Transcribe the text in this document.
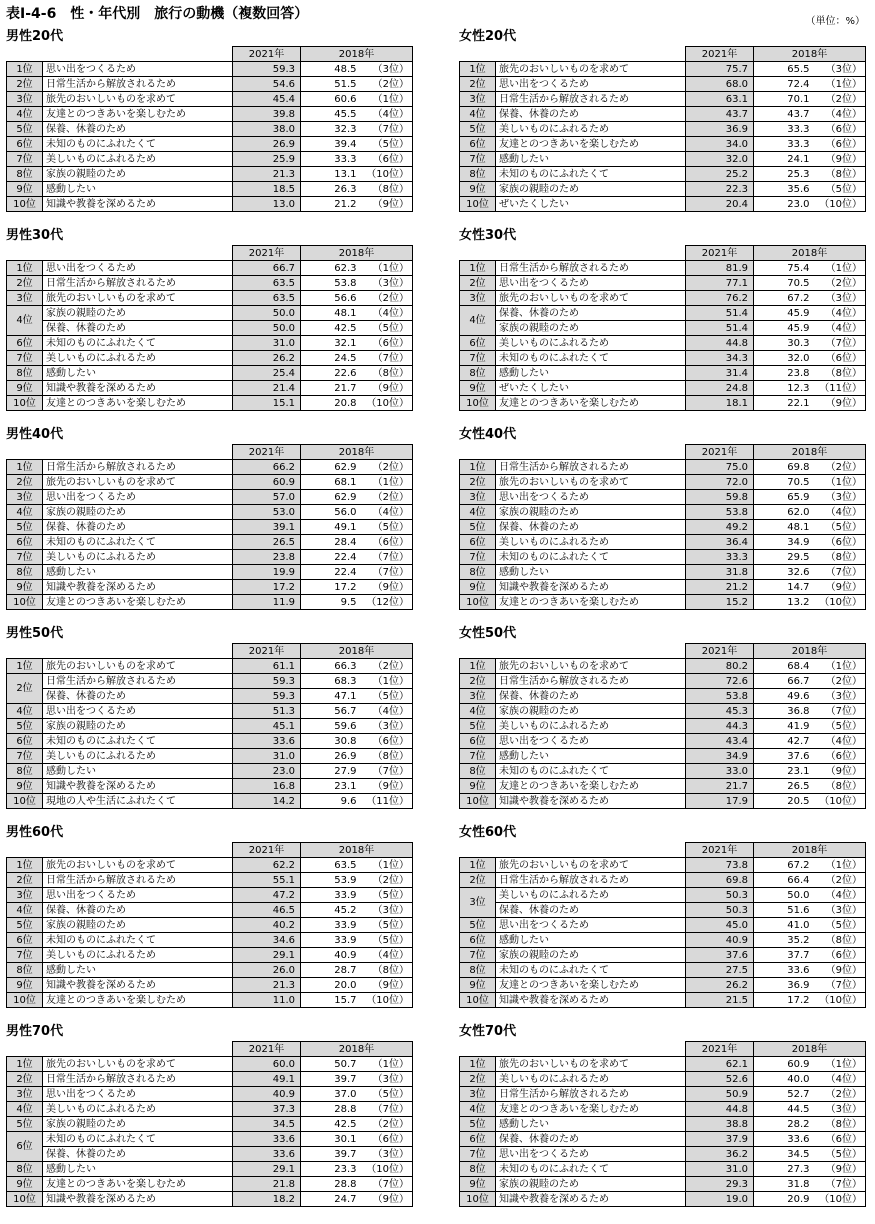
表Ⅰ-4-6　性・年代別　旅行の動機（複数回答）	（単位：%）
男性20代
		2021年	2018年	
1位	思い出をつくるため	59.3	48.5	（3位）
2位	日常生活から解放されるため	54.6	51.5	（2位）
3位	旅先のおいしいものを求めて	45.4	60.6	（1位）
4位	友達とのつきあいを楽しむため	39.8	45.5	（4位）
5位	保養、休養のため	38.0	32.3	（7位）
6位	未知のものにふれたくて	26.9	39.4	（5位）
7位	美しいものにふれるため	25.9	33.3	（6位）
8位	家族の親睦のため	21.3	13.1	（10位）
9位	感動したい	18.5	26.3	（8位）
10位	知識や教養を深めるため	13.0	21.2	（9位）
女性20代
		2021年	2018年	
1位	旅先のおいしいものを求めて	75.7	65.5	（3位）
2位	思い出をつくるため	68.0	72.4	（1位）
3位	日常生活から解放されるため	63.1	70.1	（2位）
4位	保養、休養のため	43.7	43.7	（4位）
5位	美しいものにふれるため	36.9	33.3	（6位）
6位	友達とのつきあいを楽しむため	34.0	33.3	（6位）
7位	感動したい	32.0	24.1	（9位）
8位	未知のものにふれたくて	25.2	25.3	（8位）
9位	家族の親睦のため	22.3	35.6	（5位）
10位	ぜいたくしたい	20.4	23.0	（10位）
男性30代
		2021年	2018年	
1位	思い出をつくるため	66.7	62.3	（1位）
2位	日常生活から解放されるため	63.5	53.8	（3位）
3位	旅先のおいしいものを求めて	63.5	56.6	（2位）
4位	家族の親睦のため	50.0	48.1	（4位）
	保養、休養のため	50.0	42.5	（5位）
6位	未知のものにふれたくて	31.0	32.1	（6位）
7位	美しいものにふれるため	26.2	24.5	（7位）
8位	感動したい	25.4	22.6	（8位）
9位	知識や教養を深めるため	21.4	21.7	（9位）
10位	友達とのつきあいを楽しむため	15.1	20.8	（10位）
女性30代
		2021年	2018年	
1位	日常生活から解放されるため	81.9	75.4	（1位）
2位	思い出をつくるため	77.1	70.5	（2位）
3位	旅先のおいしいものを求めて	76.2	67.2	（3位）
4位	保養、休養のため	51.4	45.9	（4位）
	家族の親睦のため	51.4	45.9	（4位）
6位	美しいものにふれるため	44.8	30.3	（7位）
7位	未知のものにふれたくて	34.3	32.0	（6位）
8位	感動したい	31.4	23.8	（8位）
9位	ぜいたくしたい	24.8	12.3	（11位）
10位	友達とのつきあいを楽しむため	18.1	22.1	（9位）
男性40代
		2021年	2018年	
1位	日常生活から解放されるため	66.2	62.9	（2位）
2位	旅先のおいしいものを求めて	60.9	68.1	（1位）
3位	思い出をつくるため	57.0	62.9	（2位）
4位	家族の親睦のため	53.0	56.0	（4位）
5位	保養、休養のため	39.1	49.1	（5位）
6位	未知のものにふれたくて	26.5	28.4	（6位）
7位	美しいものにふれるため	23.8	22.4	（7位）
8位	感動したい	19.9	22.4	（7位）
9位	知識や教養を深めるため	17.2	17.2	（9位）
10位	友達とのつきあいを楽しむため	11.9	9.5	（12位）
女性40代
		2021年	2018年	
1位	日常生活から解放されるため	75.0	69.8	（2位）
2位	旅先のおいしいものを求めて	72.0	70.5	（1位）
3位	思い出をつくるため	59.8	65.9	（3位）
4位	家族の親睦のため	53.8	62.0	（4位）
5位	保養、休養のため	49.2	48.1	（5位）
6位	美しいものにふれるため	36.4	34.9	（6位）
7位	未知のものにふれたくて	33.3	29.5	（8位）
8位	感動したい	31.8	32.6	（7位）
9位	知識や教養を深めるため	21.2	14.7	（9位）
10位	友達とのつきあいを楽しむため	15.2	13.2	（10位）
男性50代
		2021年	2018年	
1位	旅先のおいしいものを求めて	61.1	66.3	（2位）
2位	日常生活から解放されるため	59.3	68.3	（1位）
	保養、休養のため	59.3	47.1	（5位）
4位	思い出をつくるため	51.3	56.7	（4位）
5位	家族の親睦のため	45.1	59.6	（3位）
6位	未知のものにふれたくて	33.6	30.8	（6位）
7位	美しいものにふれるため	31.0	26.9	（8位）
8位	感動したい	23.0	27.9	（7位）
9位	知識や教養を深めるため	16.8	23.1	（9位）
10位	現地の人や生活にふれたくて	14.2	9.6	（11位）
女性50代
		2021年	2018年	
1位	旅先のおいしいものを求めて	80.2	68.4	（1位）
2位	日常生活から解放されるため	72.6	66.7	（2位）
3位	保養、休養のため	53.8	49.6	（3位）
4位	家族の親睦のため	45.3	36.8	（7位）
5位	美しいものにふれるため	44.3	41.9	（5位）
6位	思い出をつくるため	43.4	42.7	（4位）
7位	感動したい	34.9	37.6	（6位）
8位	未知のものにふれたくて	33.0	23.1	（9位）
9位	友達とのつきあいを楽しむため	21.7	26.5	（8位）
10位	知識や教養を深めるため	17.9	20.5	（10位）
男性60代
		2021年	2018年	
1位	旅先のおいしいものを求めて	62.2	63.5	（1位）
2位	日常生活から解放されるため	55.1	53.9	（2位）
3位	思い出をつくるため	47.2	33.9	（5位）
4位	保養、休養のため	46.5	45.2	（3位）
5位	家族の親睦のため	40.2	33.9	（5位）
6位	未知のものにふれたくて	34.6	33.9	（5位）
7位	美しいものにふれるため	29.1	40.9	（4位）
8位	感動したい	26.0	28.7	（8位）
9位	知識や教養を深めるため	21.3	20.0	（9位）
10位	友達とのつきあいを楽しむため	11.0	15.7	（10位）
女性60代
		2021年	2018年	
1位	旅先のおいしいものを求めて	73.8	67.2	（1位）
2位	日常生活から解放されるため	69.8	66.4	（2位）
3位	美しいものにふれるため	50.3	50.0	（4位）
	保養、休養のため	50.3	51.6	（3位）
5位	思い出をつくるため	45.0	41.0	（5位）
6位	感動したい	40.9	35.2	（8位）
7位	家族の親睦のため	37.6	37.7	（6位）
8位	未知のものにふれたくて	27.5	33.6	（9位）
9位	友達とのつきあいを楽しむため	26.2	36.9	（7位）
10位	知識や教養を深めるため	21.5	17.2	（10位）
男性70代
		2021年	2018年	
1位	旅先のおいしいものを求めて	60.0	50.7	（1位）
2位	日常生活から解放されるため	49.1	39.7	（3位）
3位	思い出をつくるため	40.9	37.0	（5位）
4位	美しいものにふれるため	37.3	28.8	（7位）
5位	家族の親睦のため	34.5	42.5	（2位）
6位	未知のものにふれたくて	33.6	30.1	（6位）
	保養、休養のため	33.6	39.7	（3位）
8位	感動したい	29.1	23.3	（10位）
9位	友達とのつきあいを楽しむため	21.8	28.8	（7位）
10位	知識や教養を深めるため	18.2	24.7	（9位）
女性70代
		2021年	2018年	
1位	旅先のおいしいものを求めて	62.1	60.9	（1位）
2位	美しいものにふれるため	52.6	40.0	（4位）
3位	日常生活から解放されるため	50.9	52.7	（2位）
4位	友達とのつきあいを楽しむため	44.8	44.5	（3位）
5位	感動したい	38.8	28.2	（8位）
6位	保養、休養のため	37.9	33.6	（6位）
7位	思い出をつくるため	36.2	34.5	（5位）
8位	未知のものにふれたくて	31.0	27.3	（9位）
9位	家族の親睦のため	29.3	31.8	（7位）
10位	知識や教養を深めるため	19.0	20.9	（10位）
